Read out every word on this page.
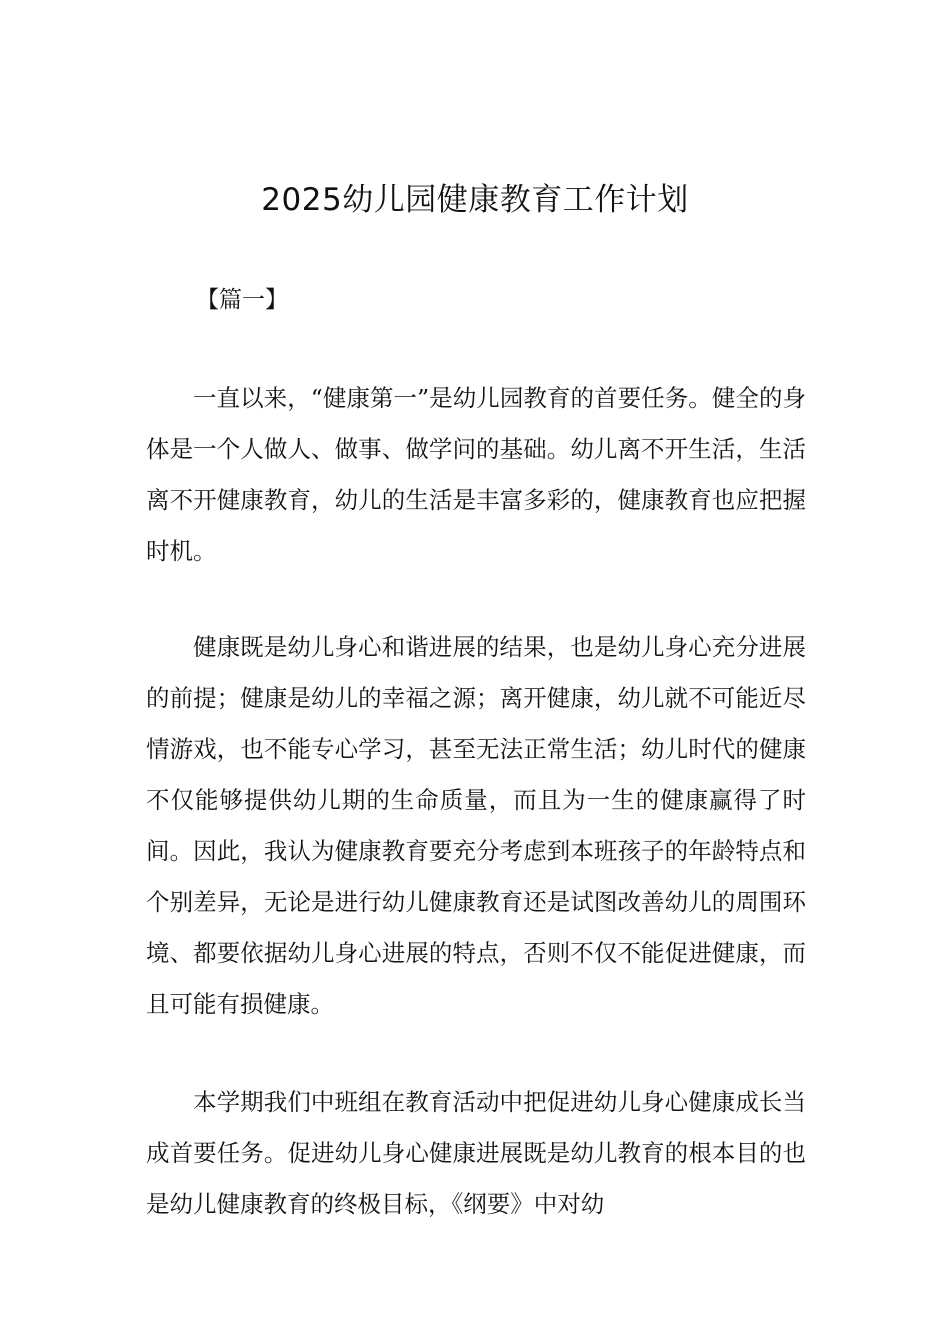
2025幼儿园健康教育工作计划
【篇一】

一直以来，“健康第一”是幼儿园教育的首要任务。健全的身体是一个人做人、做事、做学问的基础。幼儿离不开生活，生活离不开健康教育，幼儿的生活是丰富多彩的，健康教育也应把握时机。

健康既是幼儿身心和谐进展的结果，也是幼儿身心充分进展的前提；健康是幼儿的幸福之源；离开健康，幼儿就不可能近尽情游戏，也不能专心学习，甚至无法正常生活；幼儿时代的健康不仅能够提供幼儿期的生命质量，而且为一生的健康赢得了时间。因此，我认为健康教育要充分考虑到本班孩子的年龄特点和个别差异，无论是进行幼儿健康教育还是试图改善幼儿的周围环境、都要依据幼儿身心进展的特点，否则不仅不能促进健康，而且可能有损健康。

本学期我们中班组在教育活动中把促进幼儿身心健康成长当成首要任务。促进幼儿身心健康进展既是幼儿教育的根本目的也是幼儿健康教育的终极目标，《纲要》中对幼
